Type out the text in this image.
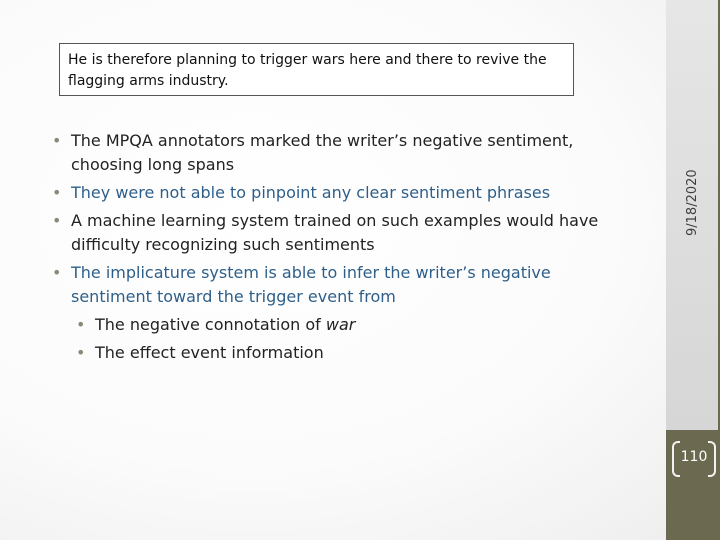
9/18/2020
110
He is therefore planning to trigger wars here and there to revive the flagging arms industry.
• The MPQA annotators marked the writer’s negative sentiment, choosing long spans
• They were not able to pinpoint any clear sentiment phrases
• A machine learning system trained on such examples would have difficulty recognizing such sentiments
• The implicature system is able to infer the writer’s negative sentiment toward the trigger event from
• The negative connotation of war
• The effect event information
